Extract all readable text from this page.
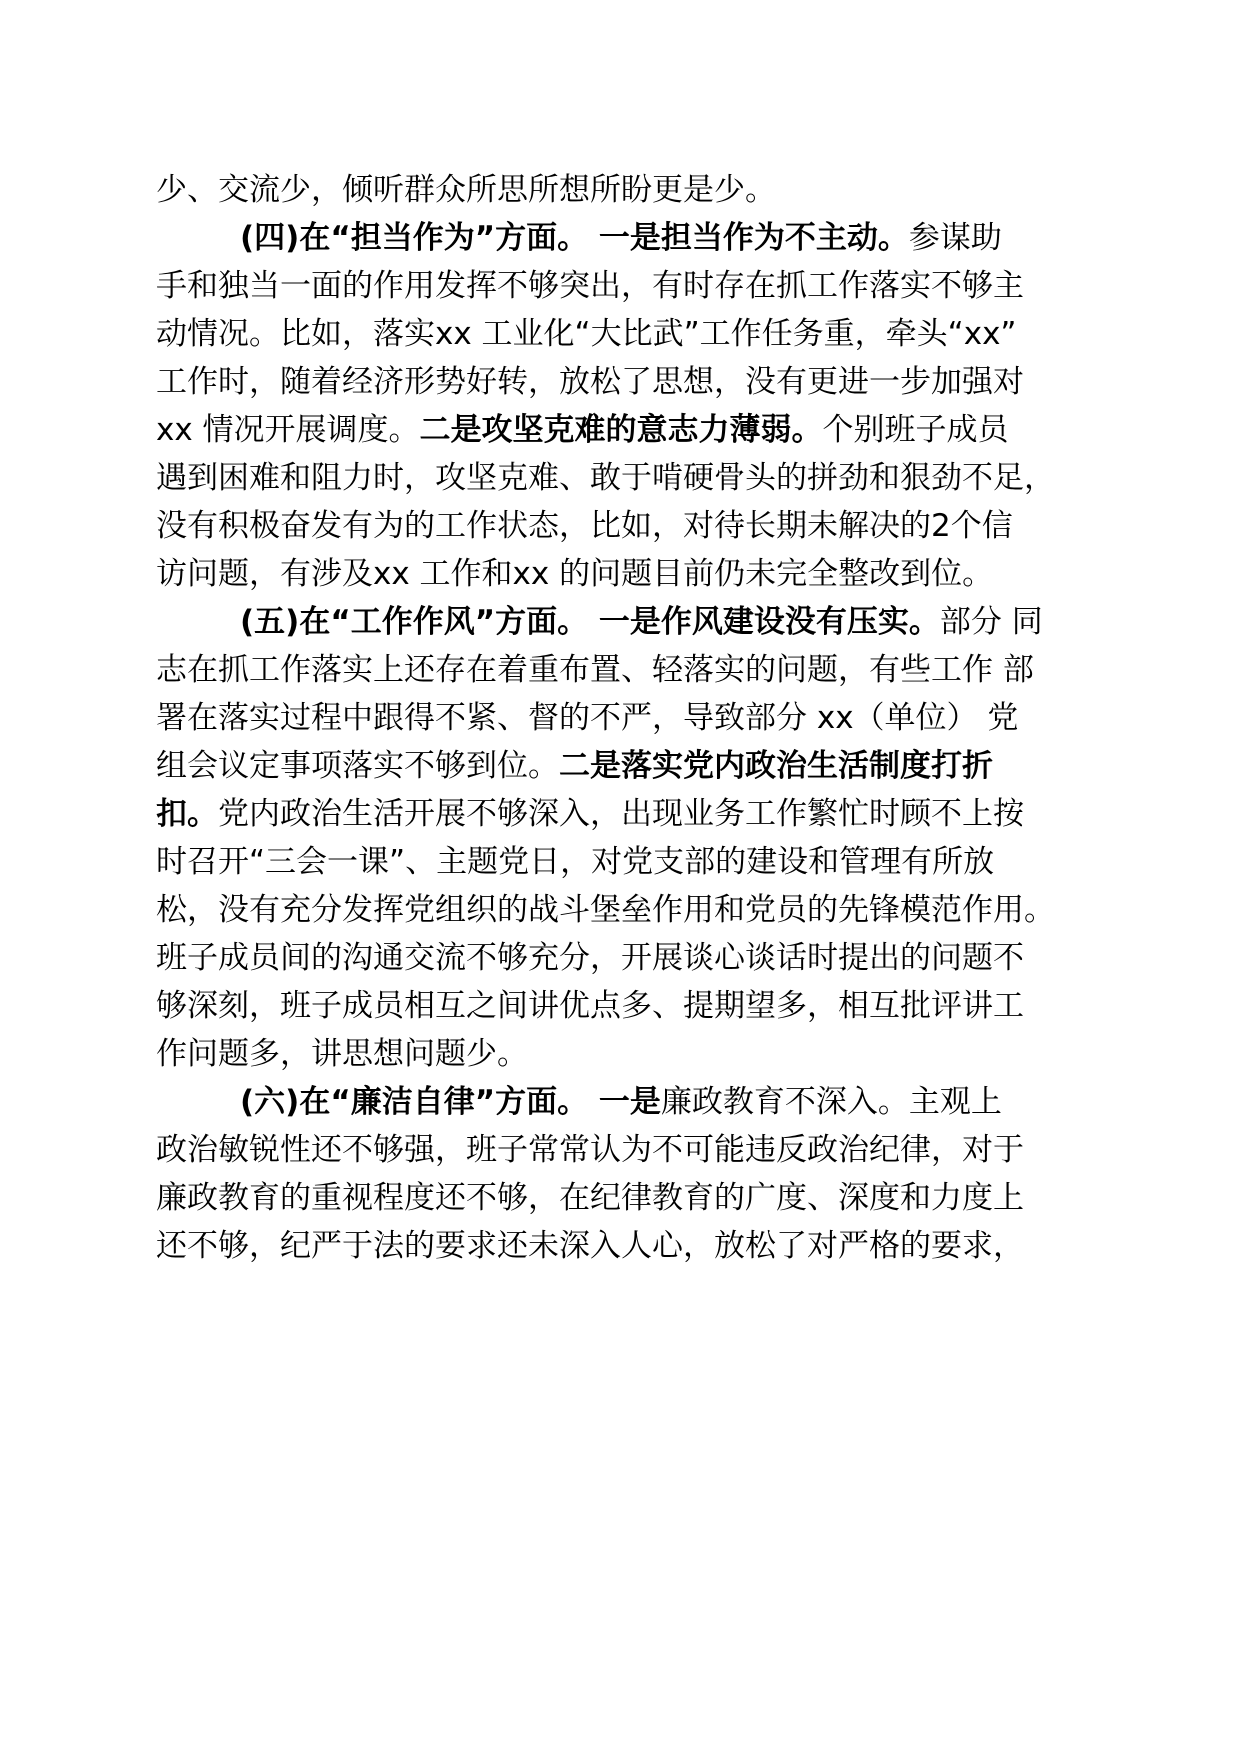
少、交流少，倾听群众所思所想所盼更是少。
(四)在“担当作为”方面。 一是担当作为不主动。参谋助
手和独当一面的作用发挥不够突出，有时存在抓工作落实不够主
动情况。比如，落实xx 工业化“大比武”工作任务重，牵头“xx”
工作时，随着经济形势好转，放松了思想，没有更进一步加强对
xx 情况开展调度。二是攻坚克难的意志力薄弱。个别班子成员
遇到困难和阻力时，攻坚克难、敢于啃硬骨头的拼劲和狠劲不足，
没有积极奋发有为的工作状态，比如，对待长期未解决的2个信
访问题，有涉及xx 工作和xx 的问题目前仍未完全整改到位。
(五)在“工作作风”方面。 一是作风建设没有压实。部分 同
志在抓工作落实上还存在着重布置、轻落实的问题，有些工作 部
署在落实过程中跟得不紧、督的不严，导致部分 xx（单位） 党
组会议定事项落实不够到位。二是落实党内政治生活制度打折
扣。党内政治生活开展不够深入，出现业务工作繁忙时顾不上按
时召开“三会一课”、主题党日，对党支部的建设和管理有所放
松，没有充分发挥党组织的战斗堡垒作用和党员的先锋模范作用。
班子成员间的沟通交流不够充分，开展谈心谈话时提出的问题不
够深刻，班子成员相互之间讲优点多、提期望多，相互批评讲工
作问题多，讲思想问题少。
(六)在“廉洁自律”方面。 一是廉政教育不深入。主观上
政治敏锐性还不够强，班子常常认为不可能违反政治纪律，对于
廉政教育的重视程度还不够，在纪律教育的广度、深度和力度上
还不够，纪严于法的要求还未深入人心，放松了对严格的要求，
